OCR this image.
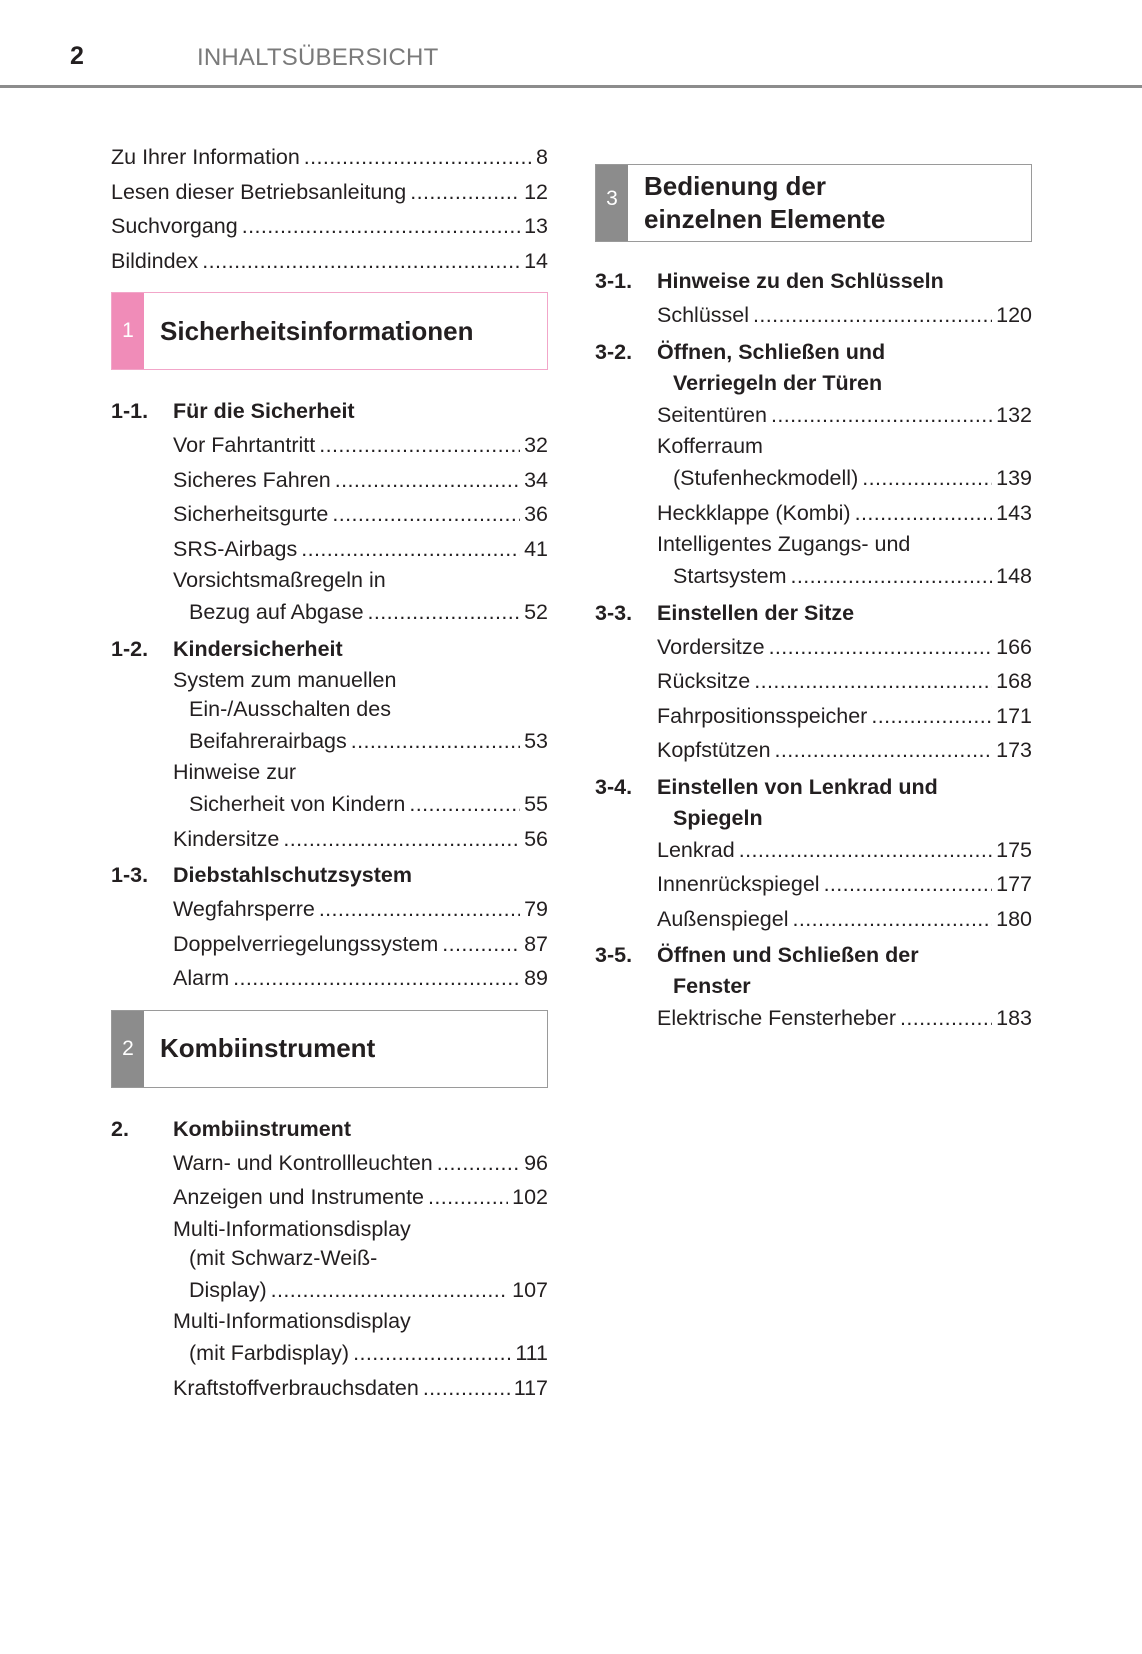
2	INHALTSÜBERSICHT
Zu Ihrer Information .....	8
Lesen dieser Betriebsanleitung .....	12
Suchvorgang .....	13
Bildindex .....	14
1	Sicherheitsinformationen
1-1.	Für die Sicherheit
Vor Fahrtantritt .....	32
Sicheres Fahren .....	34
Sicherheitsgurte .....	36
SRS-Airbags .....	41
Vorsichtsmaßregeln in
Bezug auf Abgase .....	52
1-2.	Kindersicherheit
System zum manuellen
Ein-/Ausschalten des
Beifahrerairbags .....	53
Hinweise zur
Sicherheit von Kindern .....	55
Kindersitze .....	56
1-3.	Diebstahlschutzsystem
Wegfahrsperre .....	79
Doppelverriegelungssystem .....	87
Alarm .....	89
2	Kombiinstrument
2.	Kombiinstrument
Warn- und Kontrollleuchten .....	96
Anzeigen und Instrumente .....	102
Multi-Informationsdisplay
(mit Schwarz-Weiß-
Display) .....	107
Multi-Informationsdisplay
(mit Farbdisplay) .....	111
Kraftstoffverbrauchsdaten .....	117
3	Bedienung der
einzelnen Elemente
3-1.	Hinweise zu den Schlüsseln
Schlüssel .....	120
3-2.	Öffnen, Schließen und
Verriegeln der Türen
Seitentüren .....	132
Kofferraum
(Stufenheckmodell) .....	139
Heckklappe (Kombi) .....	143
Intelligentes Zugangs- und
Startsystem .....	148
3-3.	Einstellen der Sitze
Vordersitze .....	166
Rücksitze .....	168
Fahrpositionsspeicher .....	171
Kopfstützen .....	173
3-4.	Einstellen von Lenkrad und
Spiegeln
Lenkrad .....	175
Innenrückspiegel .....	177
Außenspiegel .....	180
3-5.	Öffnen und Schließen der
Fenster
Elektrische Fensterheber .....	183
